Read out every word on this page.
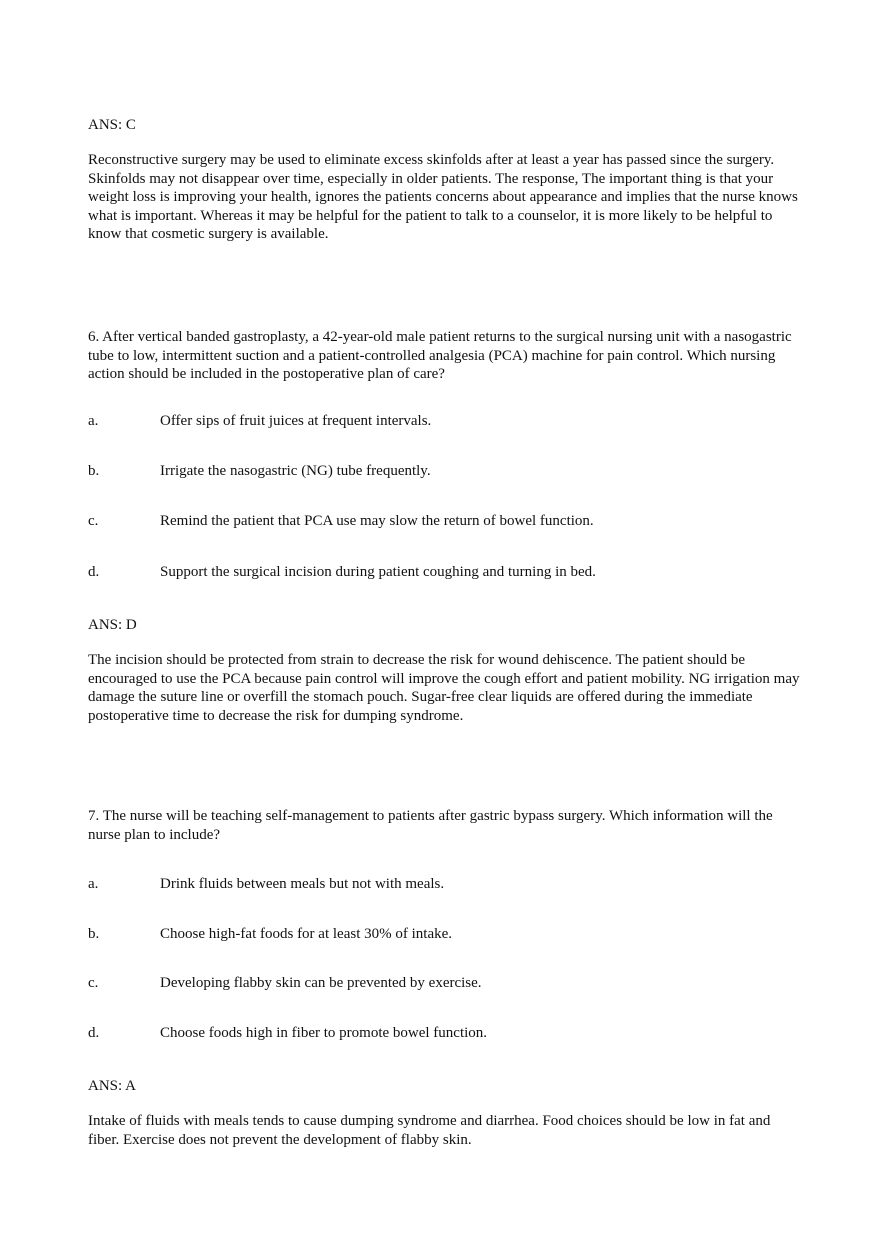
ANS: C

Reconstructive surgery may be used to eliminate excess skinfolds after at least a year has passed since the surgery. Skinfolds may not disappear over time, especially in older patients. The response, The important thing is that your weight loss is improving your health, ignores the patients concerns about appearance and implies that the nurse knows what is important. Whereas it may be helpful for the patient to talk to a counselor, it is more likely to be helpful to know that cosmetic surgery is available.

6. After vertical banded gastroplasty, a 42-year-old male patient returns to the surgical nursing unit with a nasogastric tube to low, intermittent suction and a patient-controlled analgesia (PCA) machine for pain control. Which nursing action should be included in the postoperative plan of care?

a.	Offer sips of fruit juices at frequent intervals.
b.	Irrigate the nasogastric (NG) tube frequently.
c.	Remind the patient that PCA use may slow the return of bowel function.
d.	Support the surgical incision during patient coughing and turning in bed.

ANS: D

The incision should be protected from strain to decrease the risk for wound dehiscence. The patient should be encouraged to use the PCA because pain control will improve the cough effort and patient mobility. NG irrigation may damage the suture line or overfill the stomach pouch. Sugar-free clear liquids are offered during the immediate postoperative time to decrease the risk for dumping syndrome.

7. The nurse will be teaching self-management to patients after gastric bypass surgery. Which information will the nurse plan to include?

a.	Drink fluids between meals but not with meals.
b.	Choose high-fat foods for at least 30% of intake.
c.	Developing flabby skin can be prevented by exercise.
d.	Choose foods high in fiber to promote bowel function.

ANS: A

Intake of fluids with meals tends to cause dumping syndrome and diarrhea. Food choices should be low in fat and fiber. Exercise does not prevent the development of flabby skin.
